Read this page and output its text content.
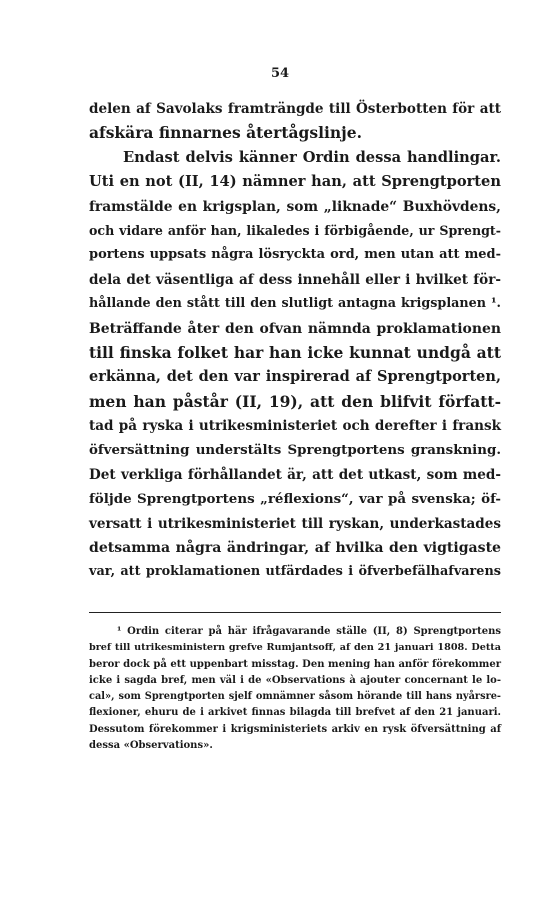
54
delen af Savolaks framträngde till Österbotten för att
afskära finnarnes återtågslinje.
Endast delvis känner Ordin dessa handlingar.
Uti en not (II, 14) nämner han, att Sprengtporten
framstälde en krigsplan, som „liknade“ Buxhövdens,
och vidare anför han, likaledes i förbigående, ur Sprengt-
portens uppsats några lösryckta ord, men utan att med-
dela det väsentliga af dess innehåll eller i hvilket för-
hållande den stått till den slutligt antagna krigsplanen ¹.
Beträffande åter den ofvan nämnda proklamationen
till finska folket har han icke kunnat undgå att
erkänna, det den var inspirerad af Sprengtporten,
men han påstår (II, 19), att den blifvit författ-
tad på ryska i utrikesministeriet och derefter i fransk
öfversättning understälts Sprengtportens granskning.
Det verkliga förhållandet är, att det utkast, som med-
följde Sprengtportens „réflexions“, var på svenska; öf-
versatt i utrikesministeriet till ryskan, underkastades
detsamma några ändringar, af hvilka den vigtigaste
var, att proklamationen utfärdades i öfverbefälhafvarens
¹ Ordin citerar på här ifrågavarande ställe (II, 8) Sprengtportens
bref till utrikesministern grefve Rumjantsoff, af den 21 januari 1808. Detta
beror dock på ett uppenbart misstag. Den mening han anför förekommer
icke i sagda bref, men väl i de «Observations à ajouter concernant le lo-
cal», som Sprengtporten sjelf omnämner såsom hörande till hans nyårsre-
flexioner, ehuru de i arkivet finnas bilagda till brefvet af den 21 januari.
Dessutom förekommer i krigsministeriets arkiv en rysk öfversättning af
dessa «Observations».
